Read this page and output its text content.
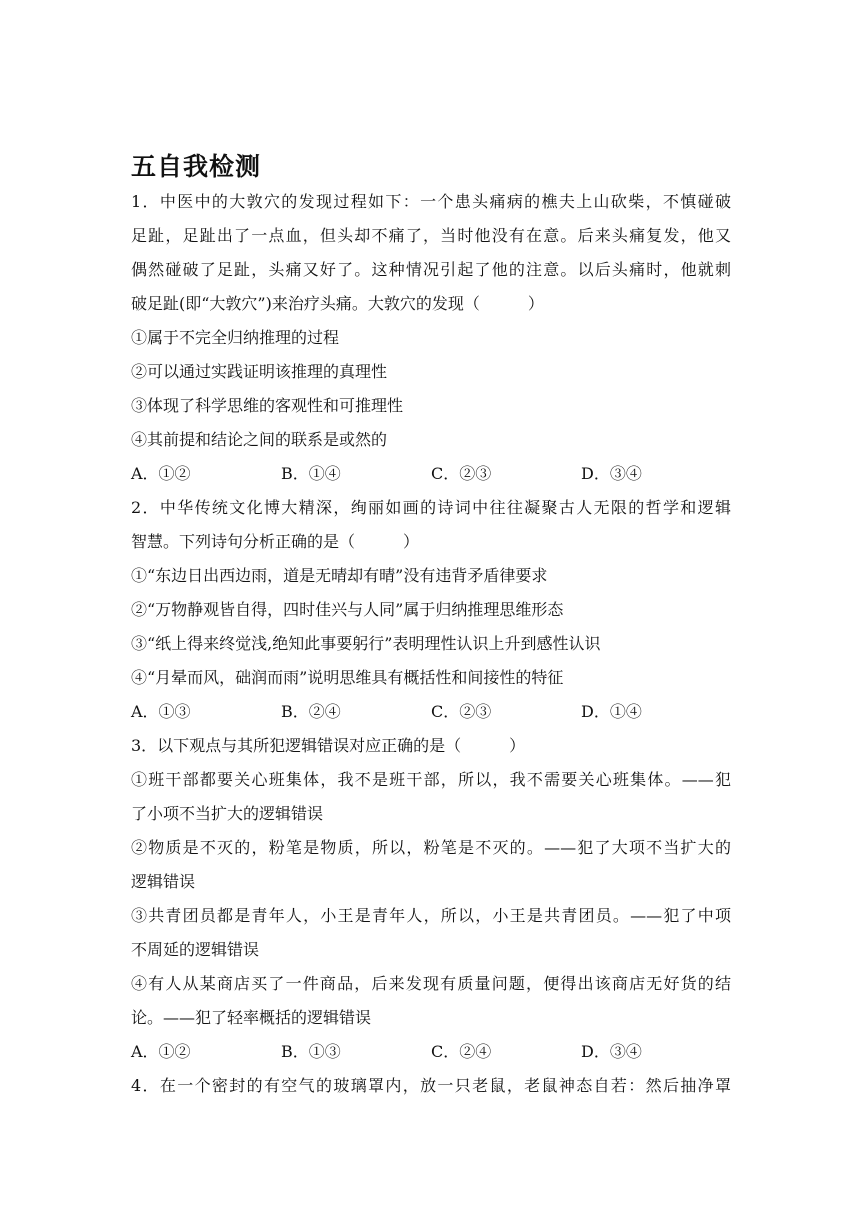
五自我检测
1．中医中的大敦穴的发现过程如下：一个患头痛病的樵夫上山砍柴，不慎碰破
足趾，足趾出了一点血，但头却不痛了，当时他没有在意。后来头痛复发，他又
偶然碰破了足趾，头痛又好了。这种情况引起了他的注意。以后头痛时，他就刺
破足趾(即“大敦穴”)来治疗头痛。大敦穴的发现（　　　）
①属于不完全归纳推理的过程
②可以通过实践证明该推理的真理性
③体现了科学思维的客观性和可推理性
④其前提和结论之间的联系是或然的
A．①②	B．①④	C．②③	D．③④
2．中华传统文化博大精深，绚丽如画的诗词中往往凝聚古人无限的哲学和逻辑
智慧。下列诗句分析正确的是（　　　）
①“东边日出西边雨，道是无晴却有晴”没有违背矛盾律要求
②“万物静观皆自得，四时佳兴与人同”属于归纳推理思维形态
③“纸上得来终觉浅,绝知此事要躬行”表明理性认识上升到感性认识
④“月晕而风，础润而雨”说明思维具有概括性和间接性的特征
A．①③	B．②④	C．②③	D．①④
3．以下观点与其所犯逻辑错误对应正确的是（　　　）
①班干部都要关心班集体，我不是班干部，所以，我不需要关心班集体。——犯
了小项不当扩大的逻辑错误
②物质是不灭的，粉笔是物质，所以，粉笔是不灭的。——犯了大项不当扩大的
逻辑错误
③共青团员都是青年人，小王是青年人，所以，小王是共青团员。——犯了中项
不周延的逻辑错误
④有人从某商店买了一件商品，后来发现有质量问题，便得出该商店无好货的结
论。——犯了轻率概括的逻辑错误
A．①②	B．①③	C．②④	D．③④
4．在一个密封的有空气的玻璃罩内，放一只老鼠，老鼠神态自若：然后抽净罩
